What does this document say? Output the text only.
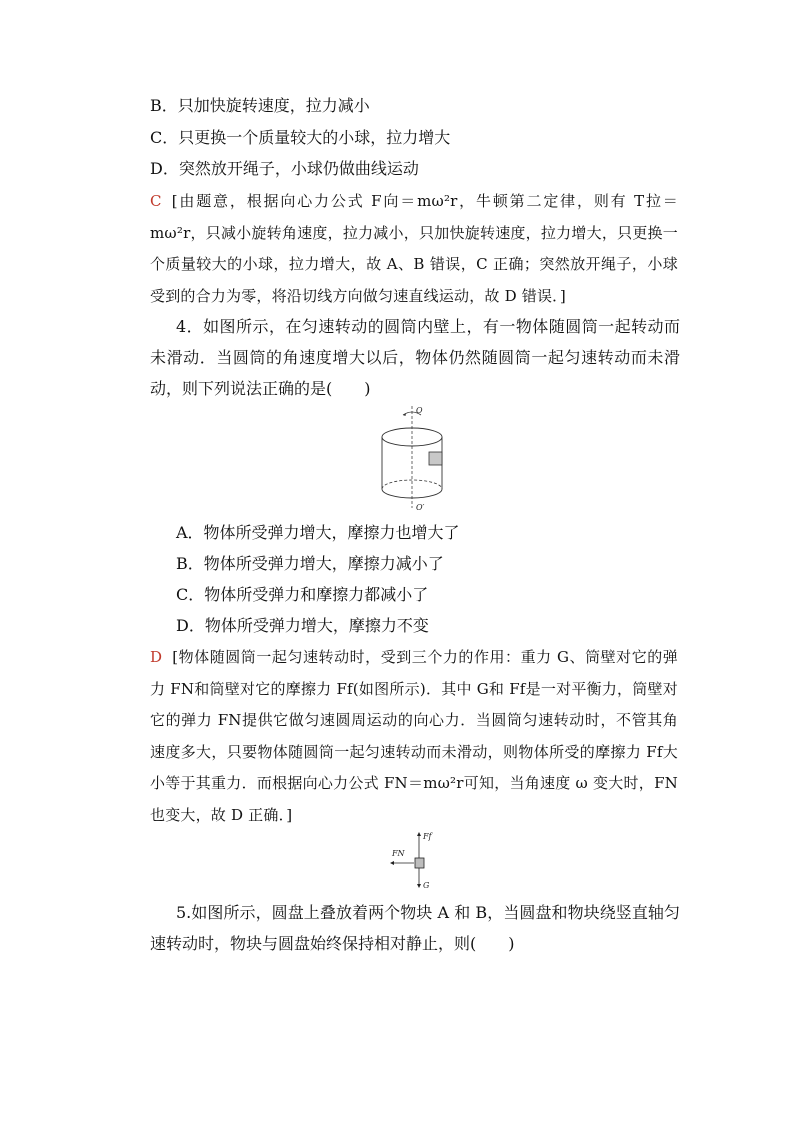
B．只加快旋转速度，拉力减小
C．只更换一个质量较大的小球，拉力增大
D．突然放开绳子，小球仍做曲线运动
C [由题意，根据向心力公式 F向＝mω²r，牛顿第二定律，则有 T拉＝mω²r，只减小旋转角速度，拉力减小，只加快旋转速度，拉力增大，只更换一个质量较大的小球，拉力增大，故 A、B 错误，C 正确；突然放开绳子，小球受到的合力为零，将沿切线方向做匀速直线运动，故 D 错误．]
4．如图所示，在匀速转动的圆筒内壁上，有一物体随圆筒一起转动而未滑动．当圆筒的角速度增大以后，物体仍然随圆筒一起匀速转动而未滑动，则下列说法正确的是(　　)
O
O′
A．物体所受弹力增大，摩擦力也增大了
B．物体所受弹力增大，摩擦力减小了
C．物体所受弹力和摩擦力都减小了
D．物体所受弹力增大，摩擦力不变
D [物体随圆筒一起匀速转动时，受到三个力的作用：重力 G、筒壁对它的弹力 FN和筒壁对它的摩擦力 Ff(如图所示)．其中 G和 Ff是一对平衡力，筒壁对它的弹力 FN提供它做匀速圆周运动的向心力．当圆筒匀速转动时，不管其角速度多大，只要物体随圆筒一起匀速转动而未滑动，则物体所受的摩擦力 Ff大小等于其重力．而根据向心力公式 FN＝mω²r可知，当角速度 ω 变大时，FN也变大，故 D 正确．]
Ff
FN
G
5.如图所示，圆盘上叠放着两个物块 A 和 B，当圆盘和物块绕竖直轴匀速转动时，物块与圆盘始终保持相对静止，则(　　)
